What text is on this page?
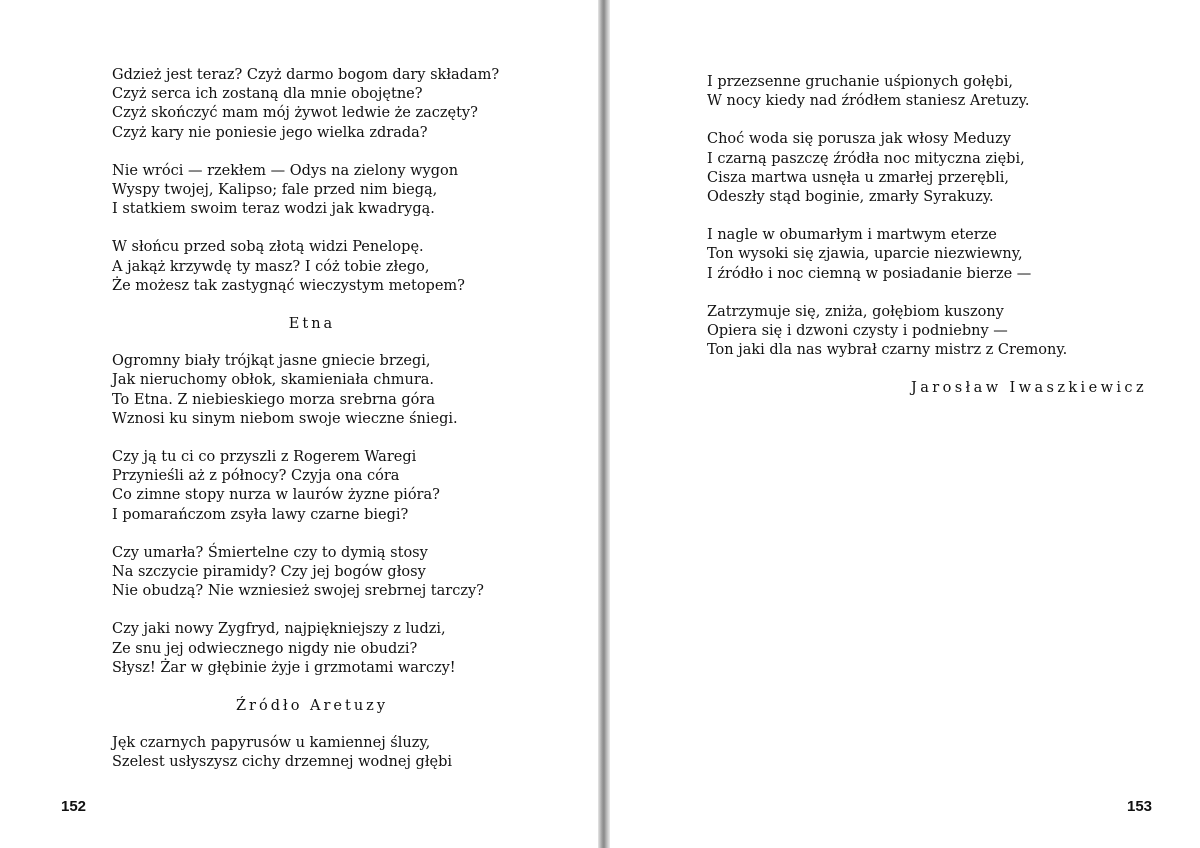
Gdzież jest teraz? Czyż darmo bogom dary składam?
Czyż serca ich zostaną dla mnie obojętne?
Czyż skończyć mam mój żywot ledwie że zaczęty?
Czyż kary nie poniesie jego wielka zdrada?
Nie wróci — rzekłem — Odys na zielony wygon
Wyspy twojej, Kalipso; fale przed nim biegą,
I statkiem swoim teraz wodzi jak kwadrygą.
W słońcu przed sobą złotą widzi Penelopę.
A jakąż krzywdę ty masz? I cóż tobie złego,
Że możesz tak zastygnąć wieczystym metopem?
Etna
Ogromny biały trójkąt jasne gniecie brzegi,
Jak nieruchomy obłok, skamieniała chmura.
To Etna. Z niebieskiego morza srebrna góra
Wznosi ku sinym niebom swoje wieczne śniegi.
Czy ją tu ci co przyszli z Rogerem Waregi
Przynieśli aż z północy? Czyja ona córa
Co zimne stopy nurza w laurów żyzne pióra?
I pomarańczom zsyła lawy czarne biegi?
Czy umarła? Śmiertelne czy to dymią stosy
Na szczycie piramidy? Czy jej bogów głosy
Nie obudzą? Nie wzniesież swojej srebrnej tarczy?
Czy jaki nowy Zygfryd, najpiękniejszy z ludzi,
Ze snu jej odwiecznego nigdy nie obudzi?
Słysz! Żar w głębinie żyje i grzmotami warczy!
Źródło Aretuzy
Jęk czarnych papyrusów u kamiennej śluzy,
Szelest usłyszysz cichy drzemnej wodnej głębi
152
I przezsenne gruchanie uśpionych gołębi,
W nocy kiedy nad źródłem staniesz Aretuzy.
Choć woda się porusza jak włosy Meduzy
I czarną paszczę źródła noc mityczna ziębi,
Cisza martwa usnęła u zmarłej przerębli,
Odeszły stąd boginie, zmarły Syrakuzy.
I nagle w obumarłym i martwym eterze
Ton wysoki się zjawia, uparcie niezwiewny,
I źródło i noc ciemną w posiadanie bierze —
Zatrzymuje się, zniża, gołębiom kuszony
Opiera się i dzwoni czysty i podniebny —
Ton jaki dla nas wybrał czarny mistrz z Cremony.
Jarosław Iwaszkiewicz
153
